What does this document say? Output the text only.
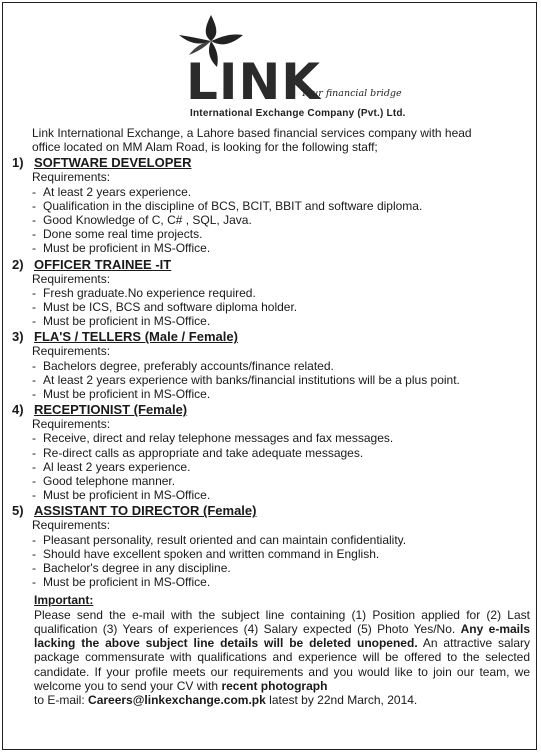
LINK
Your financial bridge
International Exchange Company (Pvt.) Ltd.
Link International Exchange, a Lahore based financial services company with head
office located on MM Alam Road, is looking for the following staff;
1) SOFTWARE DEVELOPER
Requirements:
- At least 2 years experience.
- Qualification in the discipline of BCS, BCIT, BBIT and software diploma.
- Good Knowledge of C, C# , SQL, Java.
- Done some real time projects.
- Must be proficient in MS-Office.
2) OFFICER TRAINEE -IT
Requirements:
- Fresh graduate.No experience required.
- Must be ICS, BCS and software diploma holder.
- Must be proficient in MS-Office.
3) FLA'S / TELLERS (Male / Female)
Requirements:
- Bachelors degree, preferably accounts/finance related.
- At least 2 years experience with banks/financial institutions will be a plus point.
- Must be proficient in MS-Office.
4) RECEPTIONIST (Female)
Requirements:
- Receive, direct and relay telephone messages and fax messages.
- Re-direct calls as appropriate and take adequate messages.
- Al least 2 years experience.
- Good telephone manner.
- Must be proficient in MS-Office.
5) ASSISTANT TO DIRECTOR (Female)
Requirements:
- Pleasant personality, result oriented and can maintain confidentiality.
- Should have excellent spoken and written command in English.
- Bachelor's degree in any discipline.
- Must be proficient in MS-Office.
Important:
Please send the e-mail with the subject line containing (1) Position applied for (2) Last qualification (3) Years of experiences (4) Salary expected (5) Photo Yes/No. Any e-mails lacking the above subject line details will be deleted unopened. An attractive salary package commensurate with qualifications and experience will be offered to the selected candidate. If your profile meets our requirements and you would like to join our team, we welcome you to send your CV with recent photograph
to E-mail: Careers@linkexchange.com.pk latest by 22nd March, 2014.
